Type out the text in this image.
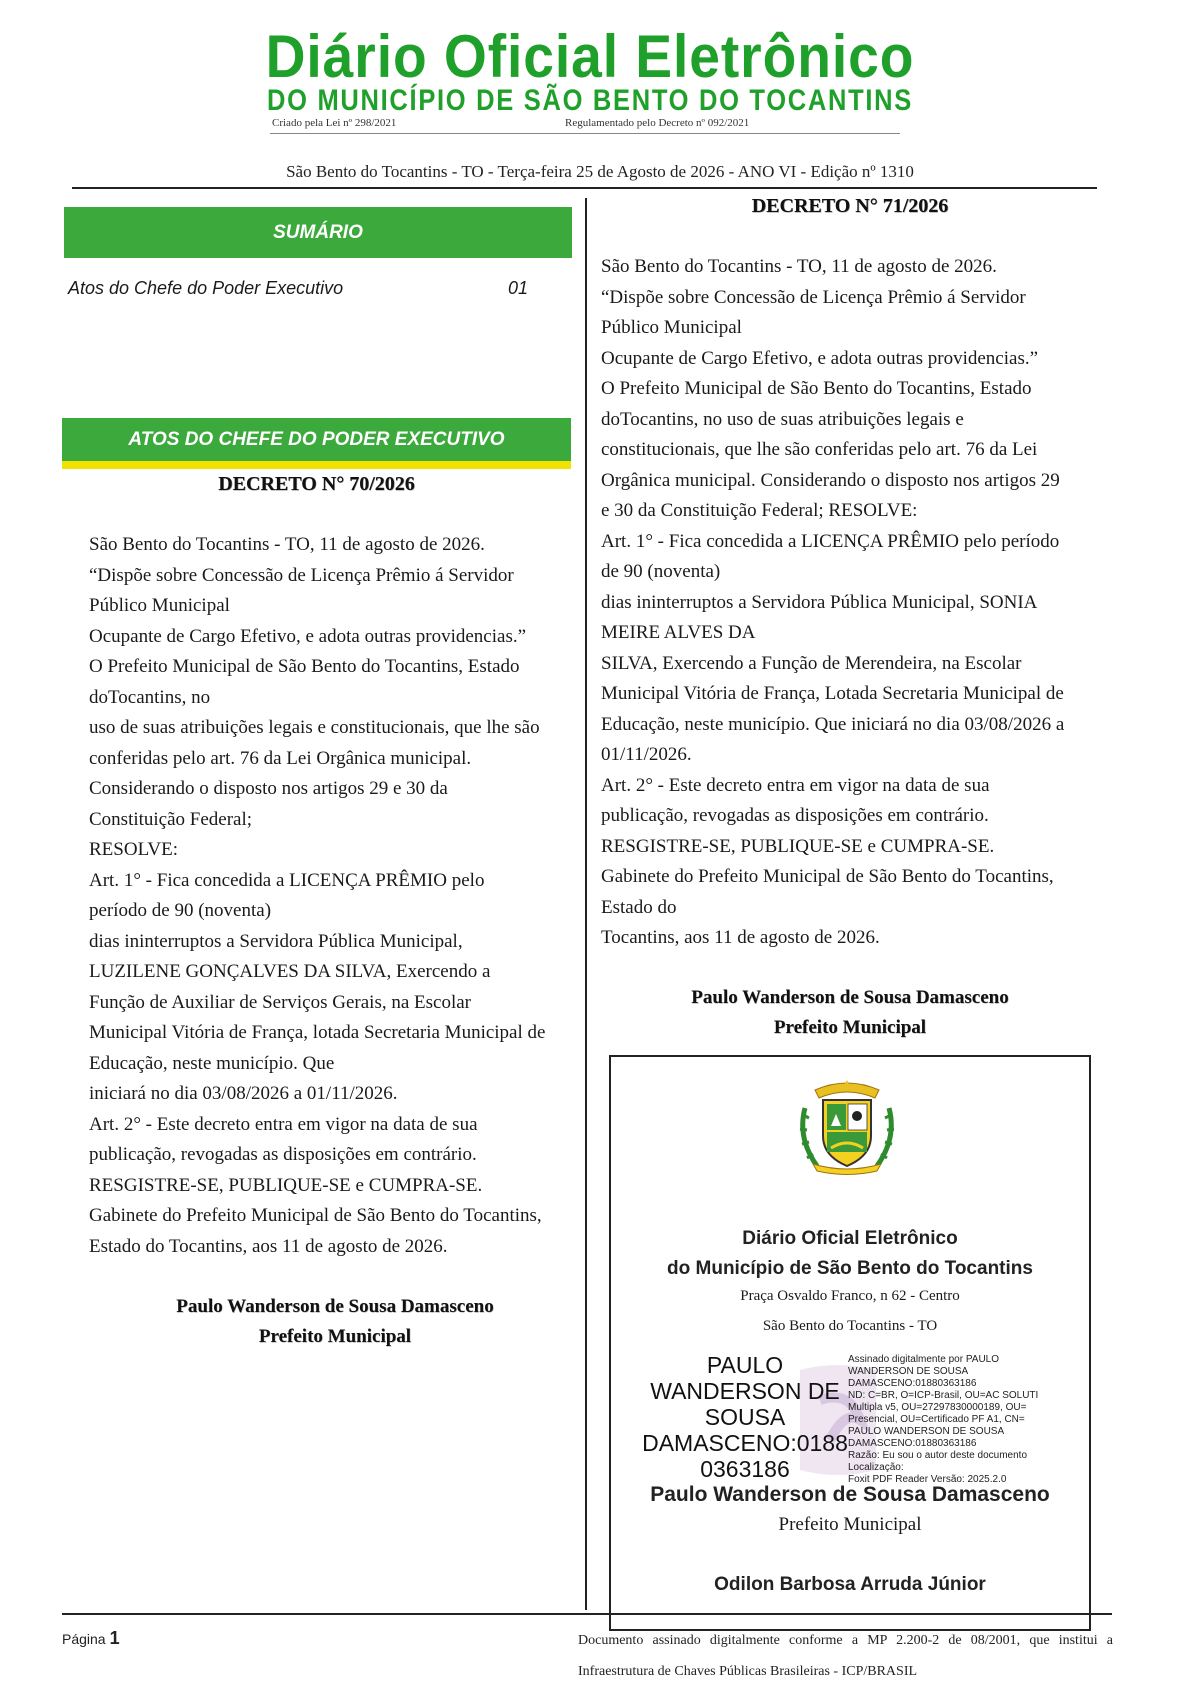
Diário Oficial Eletrônico
DO MUNICÍPIO DE SÃO BENTO DO TOCANTINS
Criado pela Lei nº 298/2021	Regulamentado pelo Decreto nº 092/2021
São Bento do Tocantins - TO - Terça-feira 25 de Agosto de 2026 - ANO VI - Edição nº 1310
SUMÁRIO
Atos do Chefe do Poder Executivo	01
ATOS DO CHEFE DO PODER EXECUTIVO
DECRETO N° 70/2026
São Bento do Tocantins - TO, 11 de agosto de 2026.
“Dispõe sobre Concessão de Licença Prêmio á Servidor
Público Municipal
Ocupante de Cargo Efetivo, e adota outras providencias.”
O Prefeito Municipal de São Bento do Tocantins, Estado
doTocantins, no
uso de suas atribuições legais e constitucionais, que lhe são
conferidas pelo art. 76 da Lei Orgânica municipal.
Considerando o disposto nos artigos 29 e 30 da
Constituição Federal;
RESOLVE:
Art. 1° - Fica concedida a LICENÇA PRÊMIO pelo
período de 90 (noventa)
dias ininterruptos a Servidora Pública Municipal,
LUZILENE GONÇALVES DA SILVA, Exercendo a
Função de Auxiliar de Serviços Gerais, na Escolar
Municipal Vitória de França, lotada Secretaria Municipal de
Educação, neste município. Que
iniciará no dia 03/08/2026 a 01/11/2026.
Art. 2° - Este decreto entra em vigor na data de sua
publicação, revogadas as disposições em contrário.
RESGISTRE-SE, PUBLIQUE-SE e CUMPRA-SE.
Gabinete do Prefeito Municipal de São Bento do Tocantins,
Estado do Tocantins, aos 11 de agosto de 2026.
Paulo Wanderson de Sousa Damasceno
Prefeito Municipal
DECRETO N° 71/2026
São Bento do Tocantins - TO, 11 de agosto de 2026.
“Dispõe sobre Concessão de Licença Prêmio á Servidor
Público Municipal
Ocupante de Cargo Efetivo, e adota outras providencias.”
O Prefeito Municipal de São Bento do Tocantins, Estado
doTocantins, no uso de suas atribuições legais e
constitucionais, que lhe são conferidas pelo art. 76 da Lei
Orgânica municipal. Considerando o disposto nos artigos 29
e 30 da Constituição Federal; RESOLVE:
Art. 1° - Fica concedida a LICENÇA PRÊMIO pelo período
de 90 (noventa)
dias ininterruptos a Servidora Pública Municipal, SONIA
MEIRE ALVES DA
SILVA, Exercendo a Função de Merendeira, na Escolar
Municipal Vitória de França, Lotada Secretaria Municipal de
Educação, neste município. Que iniciará no dia 03/08/2026 a
01/11/2026.
Art. 2° - Este decreto entra em vigor na data de sua
publicação, revogadas as disposições em contrário.
RESGISTRE-SE, PUBLIQUE-SE e CUMPRA-SE.
Gabinete do Prefeito Municipal de São Bento do Tocantins,
Estado do
Tocantins, aos 11 de agosto de 2026.
Paulo Wanderson de Sousa Damasceno
Prefeito Municipal
Diário Oficial Eletrônico
do Município de São Bento do Tocantins
Praça Osvaldo Franco, n 62 - Centro
São Bento do Tocantins - TO
PAULO
WANDERSON DE
SOUSA
DAMASCENO:0188
0363186
Assinado digitalmente por PAULO
WANDERSON DE SOUSA
DAMASCENO:01880363186
ND: C=BR, O=ICP-Brasil, OU=AC SOLUTI
Multipla v5, OU=27297830000189, OU=
Presencial, OU=Certificado PF A1, CN=
PAULO WANDERSON DE SOUSA
DAMASCENO:01880363186
Razão: Eu sou o autor deste documento
Localização:
Foxit PDF Reader Versão: 2025.2.0
Paulo Wanderson de Sousa Damasceno
Prefeito Municipal
Odilon Barbosa Arruda Júnior
Página 1	Documento assinado digitalmente conforme a MP 2.200-2 de 08/2001, que institui a Infraestrutura de Chaves Públicas Brasileiras - ICP/BRASIL
